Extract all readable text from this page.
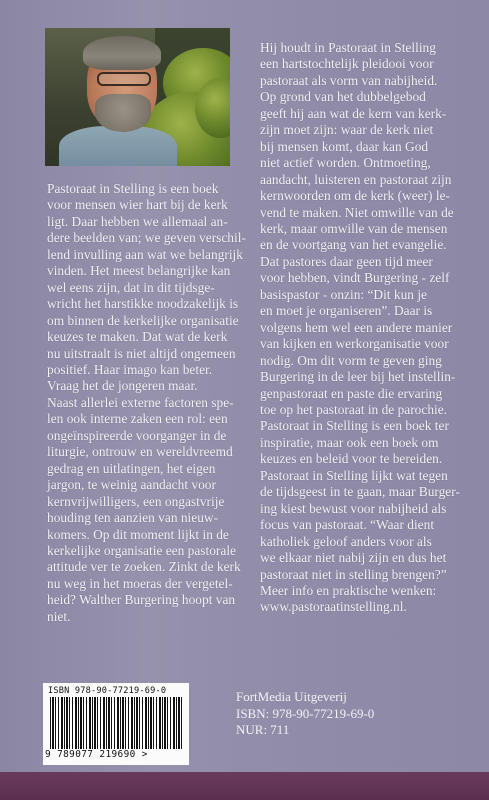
Pastoraat in Stelling is een boek
voor mensen wier hart bij de kerk
ligt. Daar hebben we allemaal an-
dere beelden van; we geven verschil-
lend invulling aan wat we belangrijk
vinden. Het meest belangrijke kan
wel eens zijn, dat in dit tijdsge-
wricht het harstikke noodzakelijk is
om binnen de kerkelijke organisatie
keuzes te maken. Dat wat de kerk
nu uitstraalt is niet altijd ongemeen
positief. Haar imago kan beter.
Vraag het de jongeren maar.
Naast allerlei externe factoren spe-
len ook interne zaken een rol: een
ongeïnspireerde voorganger in de
liturgie, ontrouw en wereldvreemd
gedrag en uitlatingen, het eigen
jargon, te weinig aandacht voor
kernvrijwilligers, een ongastvrije
houding ten aanzien van nieuw-
komers. Op dit moment lijkt in de
kerkelijke organisatie een pastorale
attitude ver te zoeken. Zinkt de kerk
nu weg in het moeras der vergetel-
heid? Walther Burgering hoopt van
niet.

Hij houdt in Pastoraat in Stelling
een hartstochtelijk pleidooi voor
pastoraat als vorm van nabijheid.
Op grond van het dubbelgebod
geeft hij aan wat de kern van kerk-
zijn moet zijn: waar de kerk niet
bij mensen komt, daar kan God
niet actief worden. Ontmoeting,
aandacht, luisteren en pastoraat zijn
kernwoorden om de kerk (weer) le-
vend te maken. Niet omwille van de
kerk, maar omwille van de mensen
en de voortgang van het evangelie.
Dat pastores daar geen tijd meer
voor hebben, vindt Burgering - zelf
basispastor - onzin: “Dit kun je
en moet je organiseren”. Daar is
volgens hem wel een andere manier
van kijken en werkorganisatie voor
nodig. Om dit vorm te geven ging
Burgering in de leer bij het instellin-
genpastoraat en paste die ervaring
toe op het pastoraat in de parochie.
Pastoraat in Stelling is een boek ter
inspiratie, maar ook een boek om
keuzes en beleid voor te bereiden.
Pastoraat in Stelling lijkt wat tegen
de tijdsgeest in te gaan, maar Burger-
ing kiest bewust voor nabijheid als
focus van pastoraat. “Waar dient
katholiek geloof anders voor als
we elkaar niet nabij zijn en dus het
pastoraat niet in stelling brengen?”
Meer info en praktische wenken:
www.pastoraatinstelling.nl.

ISBN 978-90-77219-69-0
9 789077 219690 >
FortMedia Uitgeverij
ISBN: 978-90-77219-69-0
NUR: 711
